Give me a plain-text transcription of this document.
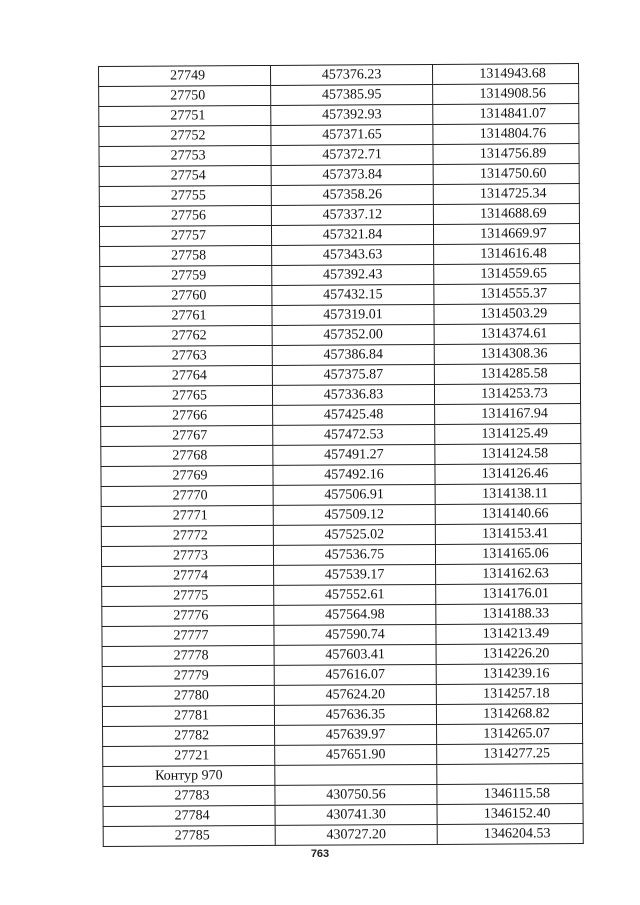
27749	457376.23	1314943.68
27750	457385.95	1314908.56
27751	457392.93	1314841.07
27752	457371.65	1314804.76
27753	457372.71	1314756.89
27754	457373.84	1314750.60
27755	457358.26	1314725.34
27756	457337.12	1314688.69
27757	457321.84	1314669.97
27758	457343.63	1314616.48
27759	457392.43	1314559.65
27760	457432.15	1314555.37
27761	457319.01	1314503.29
27762	457352.00	1314374.61
27763	457386.84	1314308.36
27764	457375.87	1314285.58
27765	457336.83	1314253.73
27766	457425.48	1314167.94
27767	457472.53	1314125.49
27768	457491.27	1314124.58
27769	457492.16	1314126.46
27770	457506.91	1314138.11
27771	457509.12	1314140.66
27772	457525.02	1314153.41
27773	457536.75	1314165.06
27774	457539.17	1314162.63
27775	457552.61	1314176.01
27776	457564.98	1314188.33
27777	457590.74	1314213.49
27778	457603.41	1314226.20
27779	457616.07	1314239.16
27780	457624.20	1314257.18
27781	457636.35	1314268.82
27782	457639.97	1314265.07
27721	457651.90	1314277.25
Контур 970		
27783	430750.56	1346115.58
27784	430741.30	1346152.40
27785	430727.20	1346204.53
763
